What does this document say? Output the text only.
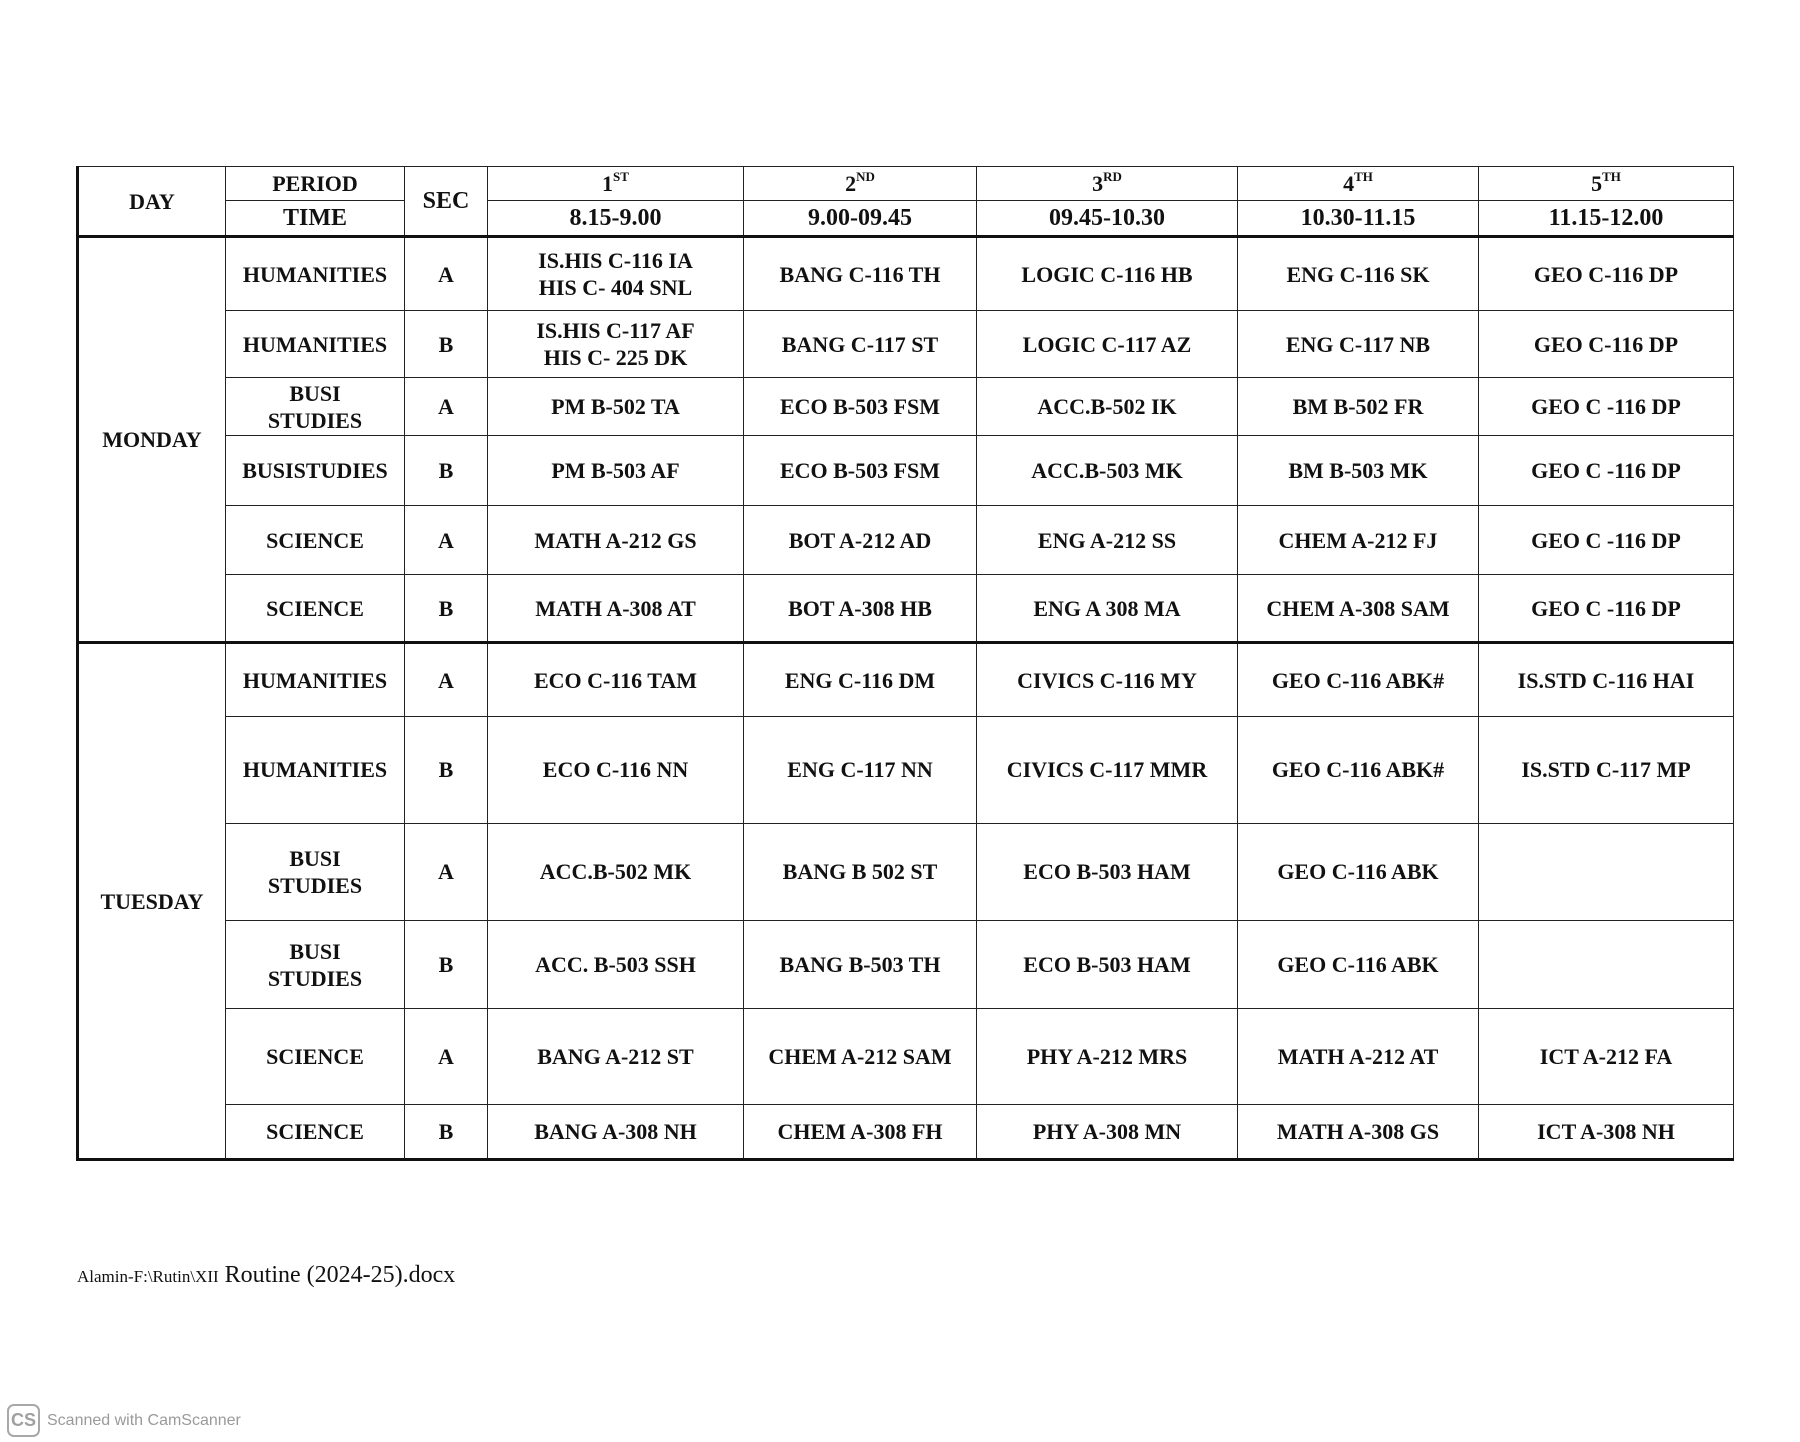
DAY	PERIOD	SEC	1ST	2ND	3RD	4TH	5TH
	TIME		8.15-9.00	9.00-09.45	09.45-10.30	10.30-11.15	11.15-12.00
MONDAY	HUMANITIES	A	IS.HIS C-116 IA
HIS C- 404 SNL	BANG C-116 TH	LOGIC C-116 HB	ENG C-116 SK	GEO C-116 DP

	HUMANITIES	B	IS.HIS C-117 AF
HIS C- 225 DK	BANG C-117 ST	LOGIC C-117 AZ	ENG C-117 NB	GEO C-116 DP

	BUSI
STUDIES	A	PM B-502 TA	ECO B-503 FSM	ACC.B-502 IK	BM B-502 FR	GEO C -116 DP

	BUSISTUDIES	B	PM B-503 AF	ECO B-503 FSM	ACC.B-503 MK	BM B-503 MK	GEO C -116 DP

	SCIENCE	A	MATH A-212 GS	BOT A-212 AD	ENG A-212 SS	CHEM A-212 FJ	GEO C -116 DP

	SCIENCE	B	MATH A-308 AT	BOT A-308 HB	ENG A 308 MA	CHEM A-308 SAM	GEO C -116 DP

TUESDAY	HUMANITIES	A	ECO C-116 TAM	ENG C-116 DM	CIVICS C-116 MY	GEO C-116 ABK#	IS.STD C-116 HAI

	HUMANITIES	B	ECO C-116 NN	ENG C-117 NN	CIVICS C-117 MMR	GEO C-116 ABK#	IS.STD C-117 MP

	BUSI
STUDIES	A	ACC.B-502 MK	BANG B 502 ST	ECO B-503 HAM	GEO C-116 ABK	

	BUSI
STUDIES	B	ACC. B-503 SSH	BANG B-503 TH	ECO B-503 HAM	GEO C-116 ABK	

	SCIENCE	A	BANG A-212 ST	CHEM A-212 SAM	PHY A-212 MRS	MATH A-212 AT	ICT A-212 FA

	SCIENCE	B	BANG A-308 NH	CHEM A-308 FH	PHY A-308 MN	MATH A-308 GS	ICT A-308 NH
Alamin-F:\Rutin\XII Routine (2024-25).docx
CS Scanned with CamScanner
